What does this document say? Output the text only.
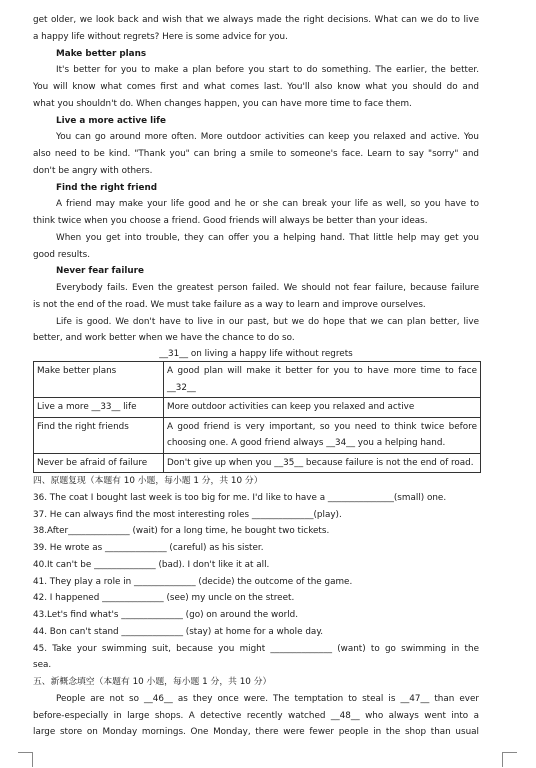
get older, we look back and wish that we always made the right decisions. What can we do to live
a happy life without regrets? Here is some advice for you.
Make better plans
It's better for you to make a plan before you start to do something. The earlier, the better.
You will know what comes first and what comes last. You'll also know what you should do and
what you shouldn't do. When changes happen, you can have more time to face them.
Live a more active life
You can go around more often. More outdoor activities can keep you relaxed and active. You
also need to be kind. "Thank you" can bring a smile to someone's face. Learn to say "sorry" and
don't be angry with others.
Find the right friend
A friend may make your life good and he or she can break your life as well, so you have to
think twice when you choose a friend. Good friends will always be better than your ideas.
When you get into trouble, they can offer you a helping hand. That little help may get you
good results.
Never fear failure
Everybody fails. Even the greatest person failed. We should not fear failure, because failure
is not the end of the road. We must take failure as a way to learn and improve ourselves.
Life is good. We don't have to live in our past, but we do hope that we can plan better, live
better, and work better when we have the chance to do so.
__31__ on living a happy life without regrets
Make better plans	A good plan will make it better for you to have more time to face __32__
Live a more __33__ life	More outdoor activities can keep you relaxed and active
Find the right friends	A good friend is very important, so you need to think twice before choosing one. A good friend always __34__ you a helping hand.
Never be afraid of failure	Don't give up when you __35__ because failure is not the end of road.
四、原题复现（本题有 10 小题，每小题 1 分，共 10 分）
36. The coat I bought last week is too big for me. I'd like to have a _______________(small) one.
37. He can always find the most interesting roles ______________(play).
38.After______________ (wait) for a long time, he bought two tickets.
39. He wrote as ______________ (careful) as his sister.
40.It can't be ______________ (bad). I don't like it at all.
41. They play a role in ______________ (decide) the outcome of the game.
42. I happened ______________ (see) my uncle on the street.
43.Let's find what's ______________ (go) on around the world.
44. Bon can't stand ______________ (stay) at home for a whole day.
45. Take your swimming suit, because you might ______________ (want) to go swimming in the
sea.
五、新概念填空（本题有 10 小题，每小题 1 分，共 10 分）
People are not so __46__ as they once were. The temptation to steal is __47__ than ever
before-especially in large shops. A detective recently watched __48__ who always went into a
large store on Monday mornings. One Monday, there were fewer people in the shop than usual
